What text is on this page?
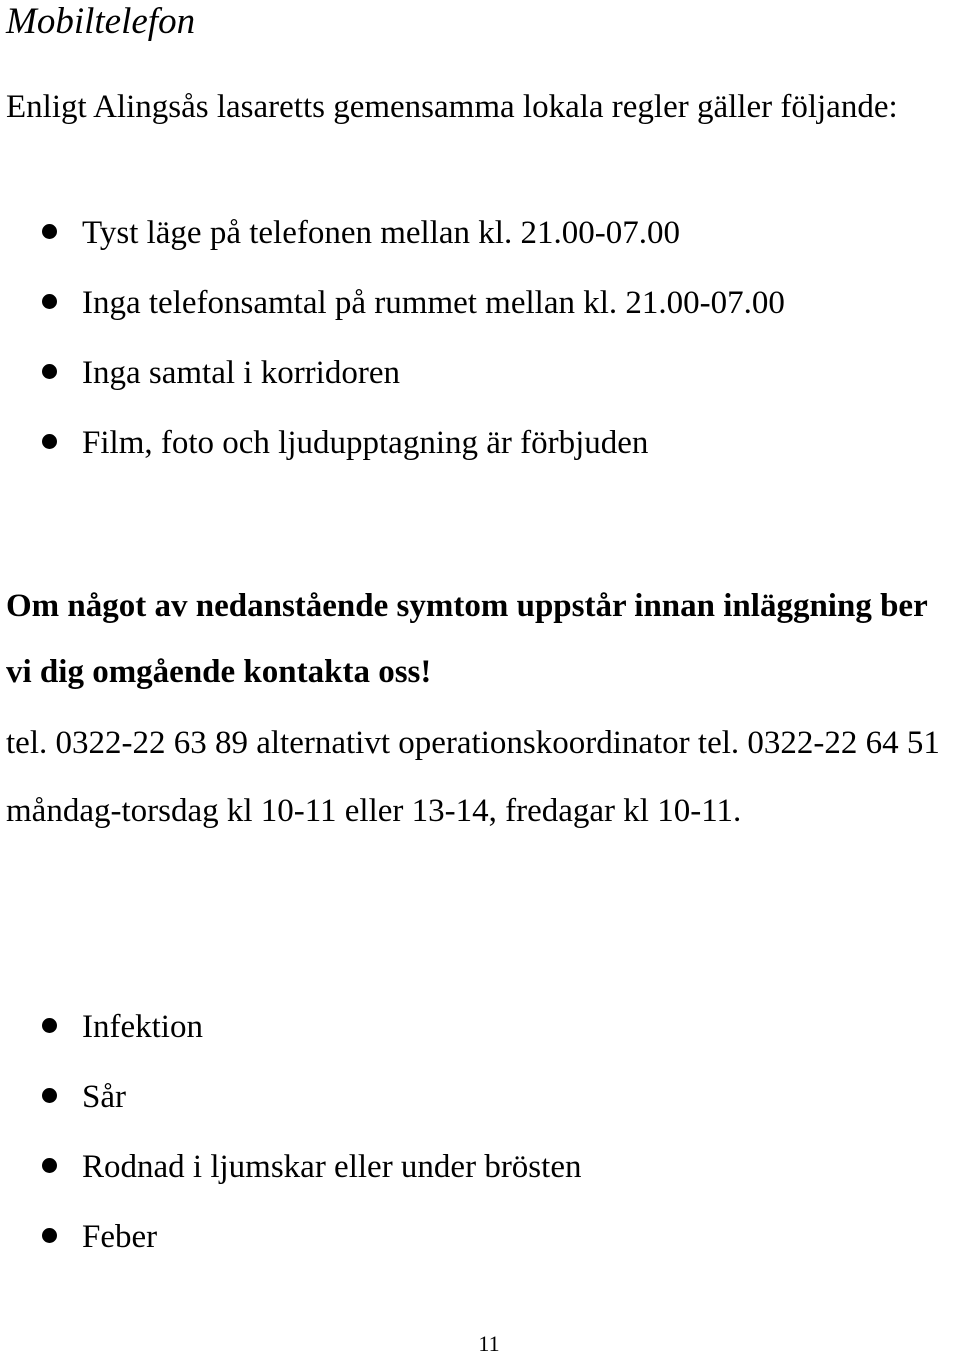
Mobiltelefon

Enligt Alingsås lasaretts gemensamma lokala regler gäller följande:

Tyst läge på telefonen mellan kl. 21.00-07.00
Inga telefonsamtal på rummet mellan kl. 21.00-07.00
Inga samtal i korridoren
Film, foto och ljudupptagning är förbjuden

Om något av nedanstående symtom uppstår innan inläggning ber vi dig omgående kontakta oss!

tel. 0322-22 63 89 alternativt operationskoordinator tel. 0322-22 64 51 måndag-torsdag kl 10-11 eller 13-14, fredagar kl 10-11.

Infektion
Sår
Rodnad i ljumskar eller under brösten
Feber
11
